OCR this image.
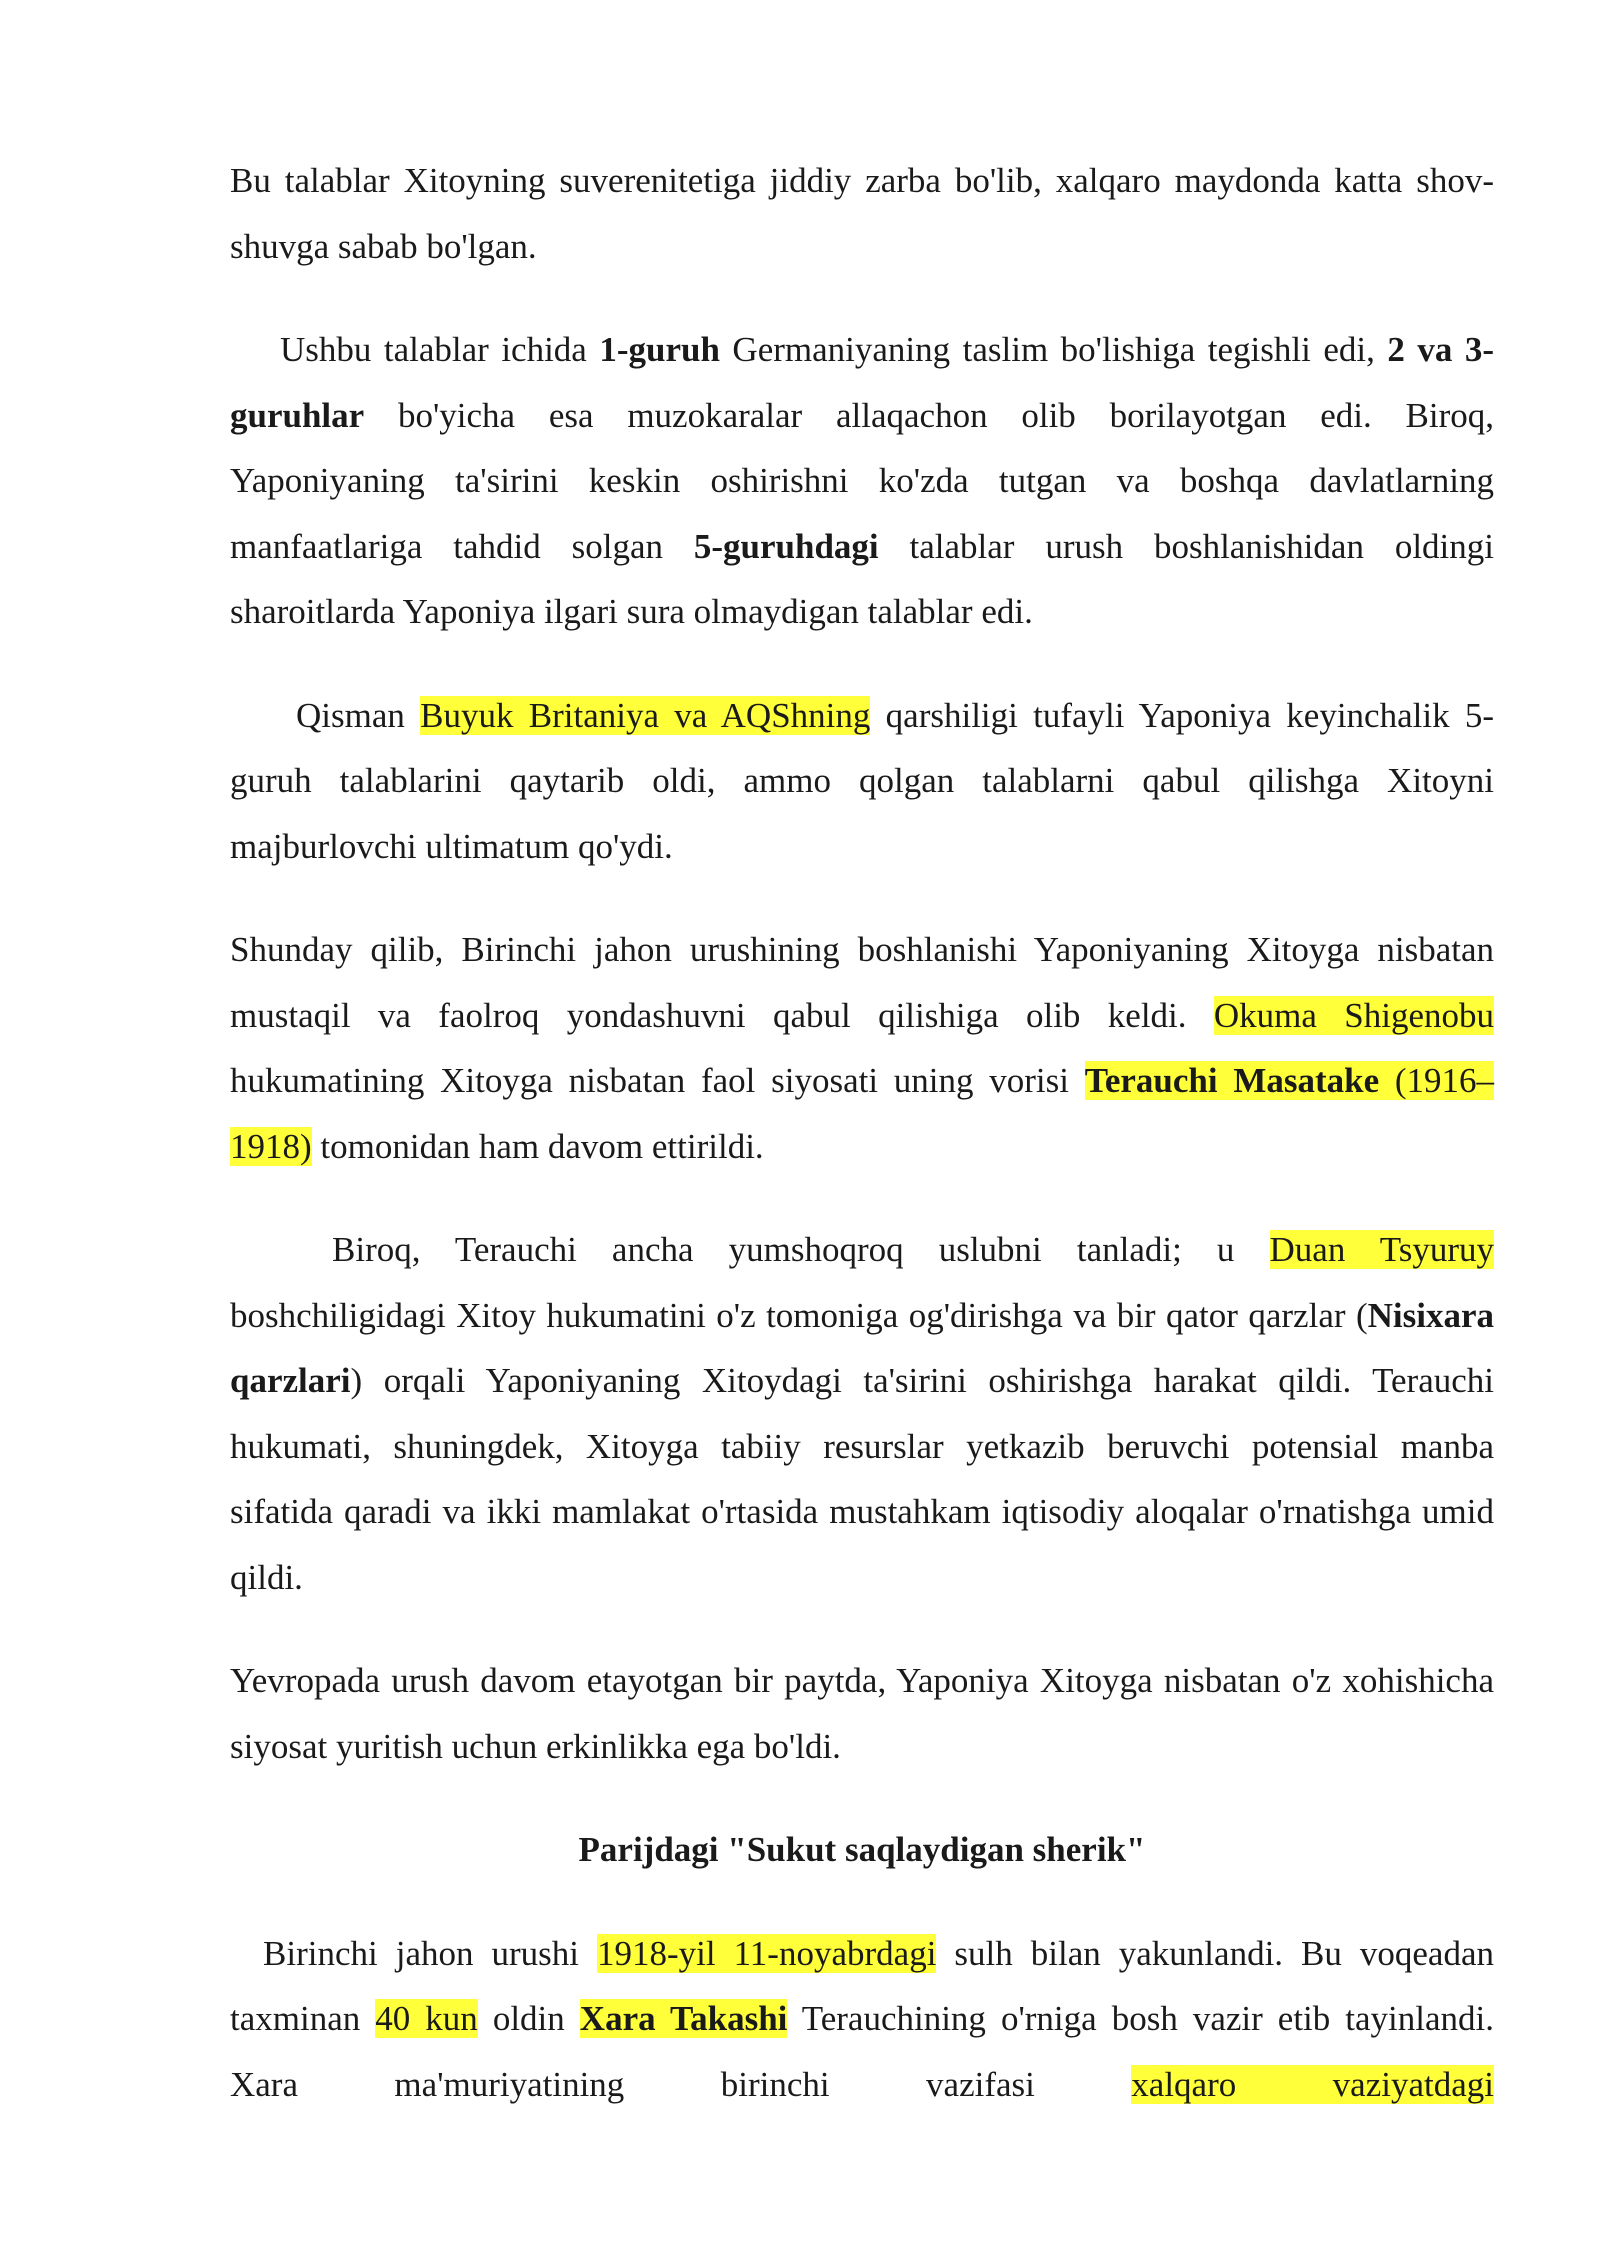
Bu talablar Xitoyning suverenitetiga jiddiy zarba bo'lib, xalqaro maydonda katta shov-shuvga sabab bo'lgan.

Ushbu talablar ichida 1-guruh Germaniyaning taslim bo'lishiga tegishli edi, 2 va 3-guruhlar bo'yicha esa muzokaralar allaqachon olib borilayotgan edi. Biroq, Yaponiyaning ta'sirini keskin oshirishni ko'zda tutgan va boshqa davlatlarning manfaatlariga tahdid solgan 5-guruhdagi talablar urush boshlanishidan oldingi sharoitlarda Yaponiya ilgari sura olmaydigan talablar edi.

Qisman Buyuk Britaniya va AQShning qarshiligi tufayli Yaponiya keyinchalik 5-guruh talablarini qaytarib oldi, ammo qolgan talablarni qabul qilishga Xitoyni majburlovchi ultimatum qo'ydi.

Shunday qilib, Birinchi jahon urushining boshlanishi Yaponiyaning Xitoyga nisbatan mustaqil va faolroq yondashuvni qabul qilishiga olib keldi. Okuma Shigenobu hukumatining Xitoyga nisbatan faol siyosati uning vorisi Terauchi Masatake (1916–1918) tomonidan ham davom ettirildi.

Biroq, Terauchi ancha yumshoqroq uslubni tanladi; u Duan Tsyuruy boshchiligidagi Xitoy hukumatini o'z tomoniga og'dirishga va bir qator qarzlar (Nisixara qarzlari) orqali Yaponiyaning Xitoydagi ta'sirini oshirishga harakat qildi. Terauchi hukumati, shuningdek, Xitoyga tabiiy resurslar yetkazib beruvchi potensial manba sifatida qaradi va ikki mamlakat o'rtasida mustahkam iqtisodiy aloqalar o'rnatishga umid qildi.

Yevropada urush davom etayotgan bir paytda, Yaponiya Xitoyga nisbatan o'z xohishicha siyosat yuritish uchun erkinlikka ega bo'ldi.

Parijdagi "Sukut saqlaydigan sherik"

Birinchi jahon urushi 1918-yil 11-noyabrdagi sulh bilan yakunlandi. Bu voqeadan taxminan 40 kun oldin Xara Takashi Terauchining o'rniga bosh vazir etib tayinlandi. Xara ma'muriyatining birinchi vazifasi xalqaro vaziyatdagi
